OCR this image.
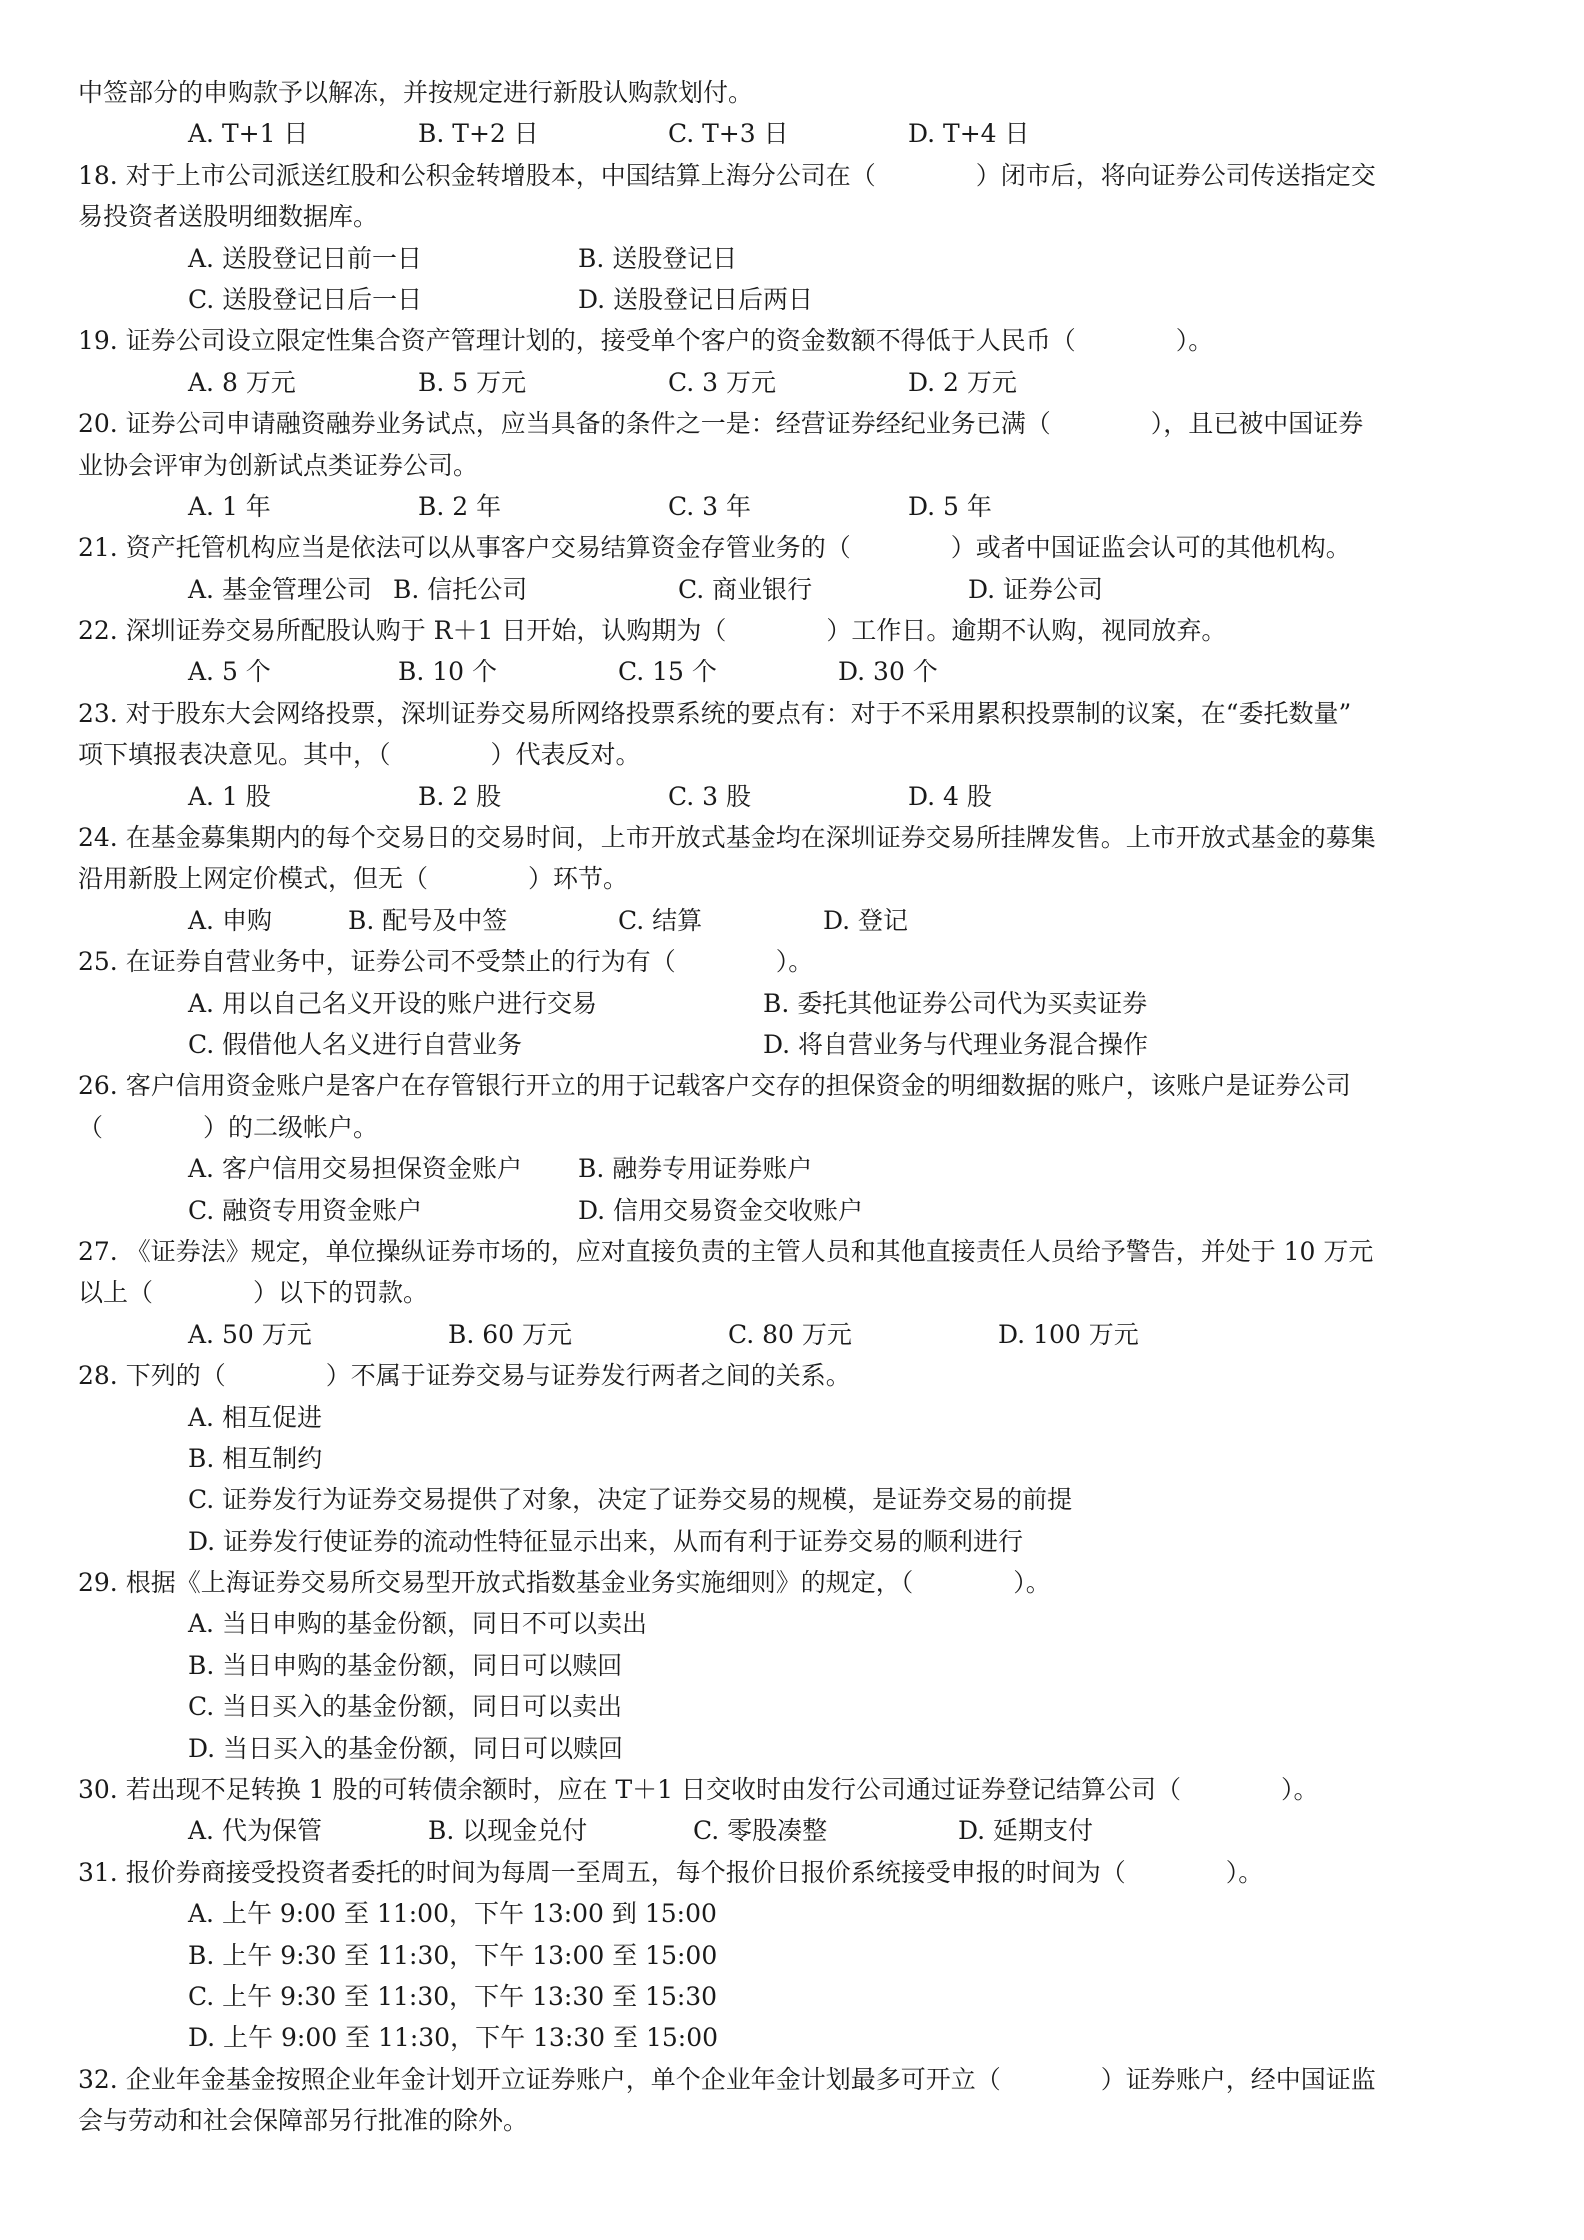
中签部分的申购款予以解冻，并按规定进行新股认购款划付。
A. T+1 日	B. T+2 日	C. T+3 日	D. T+4 日
18. 对于上市公司派送红股和公积金转增股本，中国结算上海分公司在（　　　　）闭市后，将向证券公司传送指定交
易投资者送股明细数据库。
A. 送股登记日前一日	B. 送股登记日
C. 送股登记日后一日	D. 送股登记日后两日
19. 证券公司设立限定性集合资产管理计划的，接受单个客户的资金数额不得低于人民币（　　　　）。
A. 8 万元	B. 5 万元	C. 3 万元	D. 2 万元
20. 证券公司申请融资融券业务试点，应当具备的条件之一是：经营证券经纪业务已满（　　　　），且已被中国证券
业协会评审为创新试点类证券公司。
A. 1 年	B. 2 年	C. 3 年	D. 5 年
21. 资产托管机构应当是依法可以从事客户交易结算资金存管业务的（　　　　）或者中国证监会认可的其他机构。
A. 基金管理公司 B. 信托公司	C. 商业银行	D. 证券公司
22. 深圳证券交易所配股认购于 R＋1 日开始，认购期为（　　　　）工作日。逾期不认购，视同放弃。
A. 5 个	B. 10 个	C. 15 个	D. 30 个
23. 对于股东大会网络投票，深圳证券交易所网络投票系统的要点有：对于不采用累积投票制的议案，在“委托数量”
项下填报表决意见。其中，（　　　　）代表反对。
A. 1 股	B. 2 股	C. 3 股	D. 4 股
24. 在基金募集期内的每个交易日的交易时间，上市开放式基金均在深圳证券交易所挂牌发售。上市开放式基金的募集
沿用新股上网定价模式，但无（　　　　）环节。
A. 申购	B. 配号及中签	C. 结算	D. 登记
25. 在证券自营业务中，证券公司不受禁止的行为有（　　　　）。
A. 用以自己名义开设的账户进行交易	B. 委托其他证券公司代为买卖证券
C. 假借他人名义进行自营业务	D. 将自营业务与代理业务混合操作
26. 客户信用资金账户是客户在存管银行开立的用于记载客户交存的担保资金的明细数据的账户，该账户是证券公司
（　　　　）的二级帐户。
A. 客户信用交易担保资金账户	B. 融券专用证券账户
C. 融资专用资金账户	D. 信用交易资金交收账户
27. 《证券法》规定，单位操纵证券市场的，应对直接负责的主管人员和其他直接责任人员给予警告，并处于 10 万元
以上（　　　　）以下的罚款。
A. 50 万元	B. 60 万元	C. 80 万元	D. 100 万元
28. 下列的（　　　　）不属于证券交易与证券发行两者之间的关系。
A. 相互促进
B. 相互制约
C. 证券发行为证券交易提供了对象，决定了证券交易的规模，是证券交易的前提
D. 证券发行使证券的流动性特征显示出来，从而有利于证券交易的顺利进行
29. 根据《上海证券交易所交易型开放式指数基金业务实施细则》的规定，（　　　　）。
A. 当日申购的基金份额，同日不可以卖出
B. 当日申购的基金份额，同日可以赎回
C. 当日买入的基金份额，同日可以卖出
D. 当日买入的基金份额，同日可以赎回
30. 若出现不足转换 1 股的可转债余额时，应在 T＋1 日交收时由发行公司通过证券登记结算公司（　　　　）。
A. 代为保管	B. 以现金兑付	C. 零股凑整	D. 延期支付
31. 报价券商接受投资者委托的时间为每周一至周五，每个报价日报价系统接受申报的时间为（　　　　）。
A. 上午 9:00 至 11:00，下午 13:00 到 15:00
B. 上午 9:30 至 11:30，下午 13:00 至 15:00
C. 上午 9:30 至 11:30，下午 13:30 至 15:30
D. 上午 9:00 至 11:30，下午 13:30 至 15:00
32. 企业年金基金按照企业年金计划开立证券账户，单个企业年金计划最多可开立（　　　　）证券账户，经中国证监
会与劳动和社会保障部另行批准的除外。
